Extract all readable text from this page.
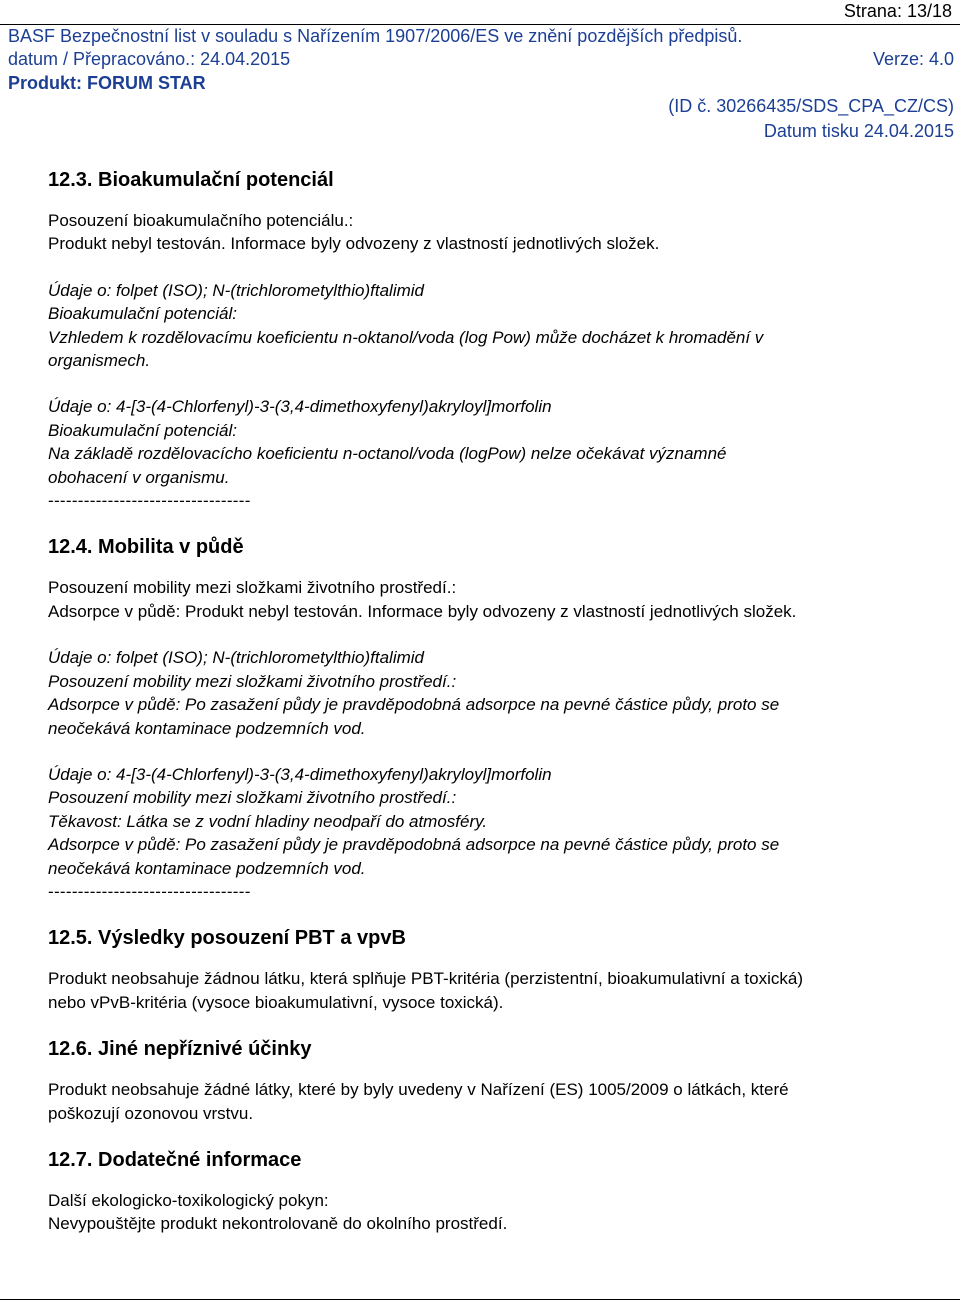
Strana: 13/18
BASF Bezpečnostní list v souladu s Nařízením 1907/2006/ES ve znění pozdějších předpisů.
datum / Přepracováno.: 24.04.2015	Verze: 4.0
Produkt: FORUM STAR
(ID č. 30266435/SDS_CPA_CZ/CS)
Datum tisku 24.04.2015
12.3. Bioakumulační potenciál
Posouzení bioakumulačního potenciálu.:
Produkt nebyl testován. Informace byly odvozeny z vlastností jednotlivých složek.
Údaje o: folpet (ISO); N-(trichlorometylthio)ftalimid
Bioakumulační potenciál:
Vzhledem k rozdělovacímu koeficientu n-oktanol/voda (log Pow) může docházet k hromadění v
organismech.
Údaje o: 4-[3-(4-Chlorfenyl)-3-(3,4-dimethoxyfenyl)akryloyl]morfolin
Bioakumulační potenciál:
Na základě rozdělovacícho koeficientu n-octanol/voda (logPow) nelze očekávat významné
obohacení v organismu.
----------------------------------
12.4. Mobilita v půdě
Posouzení mobility mezi složkami životního prostředí.:
Adsorpce v půdě: Produkt nebyl testován. Informace byly odvozeny z vlastností jednotlivých složek.
Údaje o: folpet (ISO); N-(trichlorometylthio)ftalimid
Posouzení mobility mezi složkami životního prostředí.:
Adsorpce v půdě: Po zasažení půdy je pravděpodobná adsorpce na pevné částice půdy, proto se
neočekává kontaminace podzemních vod.
Údaje o: 4-[3-(4-Chlorfenyl)-3-(3,4-dimethoxyfenyl)akryloyl]morfolin
Posouzení mobility mezi složkami životního prostředí.:
Těkavost: Látka se z vodní hladiny neodpaří do atmosféry.
Adsorpce v půdě: Po zasažení půdy je pravděpodobná adsorpce na pevné částice půdy, proto se
neočekává kontaminace podzemních vod.
----------------------------------
12.5. Výsledky posouzení PBT a vpvB
Produkt neobsahuje žádnou látku, která splňuje PBT-kritéria (perzistentní, bioakumulativní a toxická)
nebo vPvB-kritéria (vysoce bioakumulativní, vysoce toxická).
12.6. Jiné nepříznivé účinky
Produkt neobsahuje žádné látky, které by byly uvedeny v Nařízení (ES) 1005/2009 o látkách, které
poškozují ozonovou vrstvu.
12.7. Dodatečné informace
Další ekologicko-toxikologický pokyn:
Nevypouštějte produkt nekontrolovaně do okolního prostředí.
